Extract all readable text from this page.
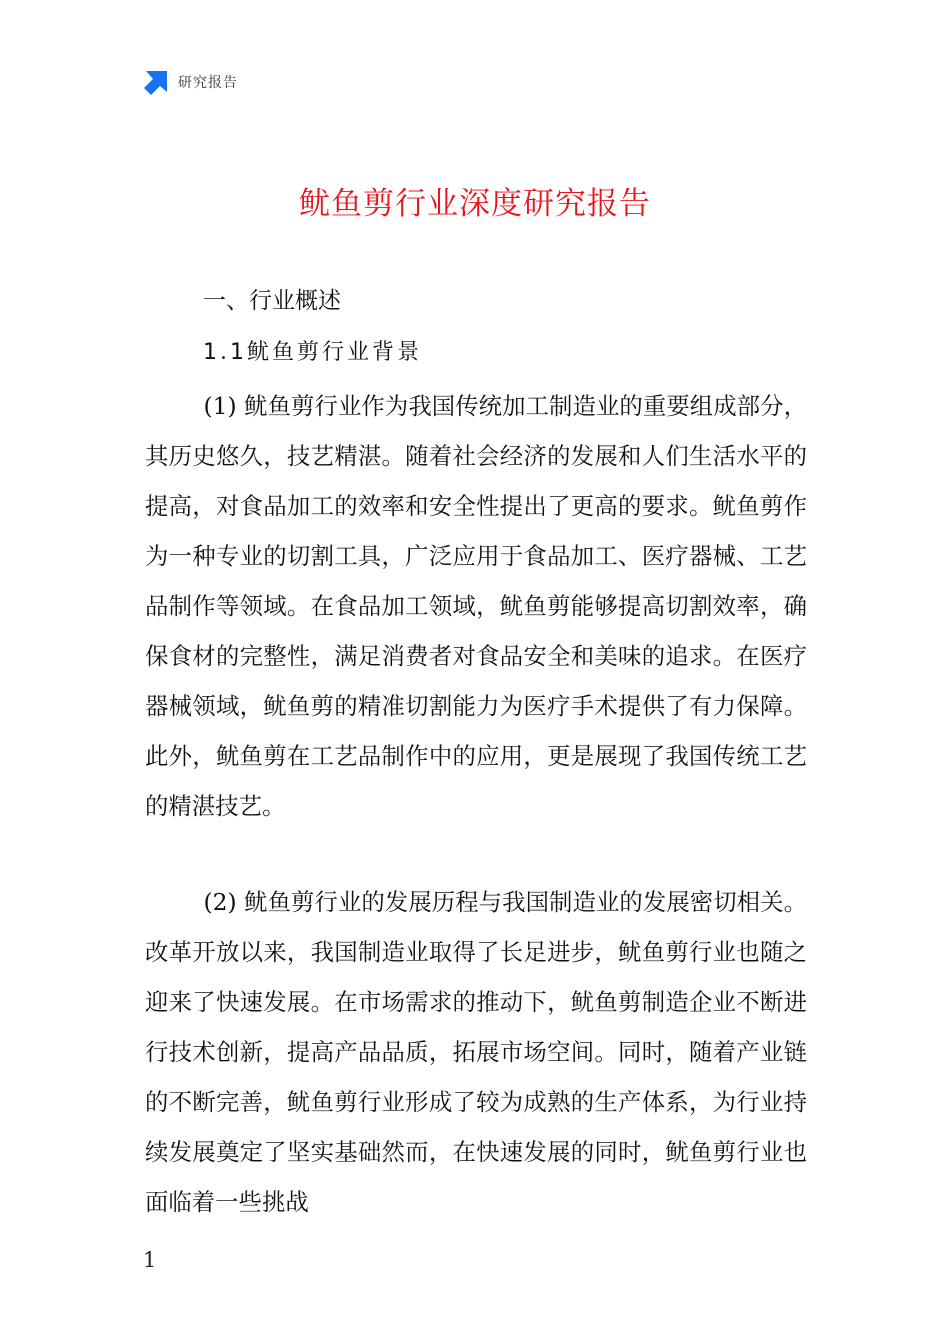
研究报告
鱿鱼剪行业深度研究报告
一、行业概述
1.1鱿鱼剪行业背景

(1) 鱿鱼剪行业作为我国传统加工制造业的重要组成部分，其历史悠久，技艺精湛。随着社会经济的发展和人们生活水平的提高，对食品加工的效率和安全性提出了更高的要求。鱿鱼剪作为一种专业的切割工具，广泛应用于食品加工、医疗器械、工艺品制作等领域。在食品加工领域，鱿鱼剪能够提高切割效率，确保食材的完整性，满足消费者对食品安全和美味的追求。在医疗器械领域，鱿鱼剪的精准切割能力为医疗手术提供了有力保障。此外，鱿鱼剪在工艺品制作中的应用，更是展现了我国传统工艺的精湛技艺。

(2) 鱿鱼剪行业的发展历程与我国制造业的发展密切相关。改革开放以来，我国制造业取得了长足进步，鱿鱼剪行业也随之迎来了快速发展。在市场需求的推动下，鱿鱼剪制造企业不断进行技术创新，提高产品品质，拓展市场空间。同时，随着产业链的不断完善，鱿鱼剪行业形成了较为成熟的生产体系，为行业持续发展奠定了坚实基础然而，在快速发展的同时，鱿鱼剪行业也面临着一些挑战

1
